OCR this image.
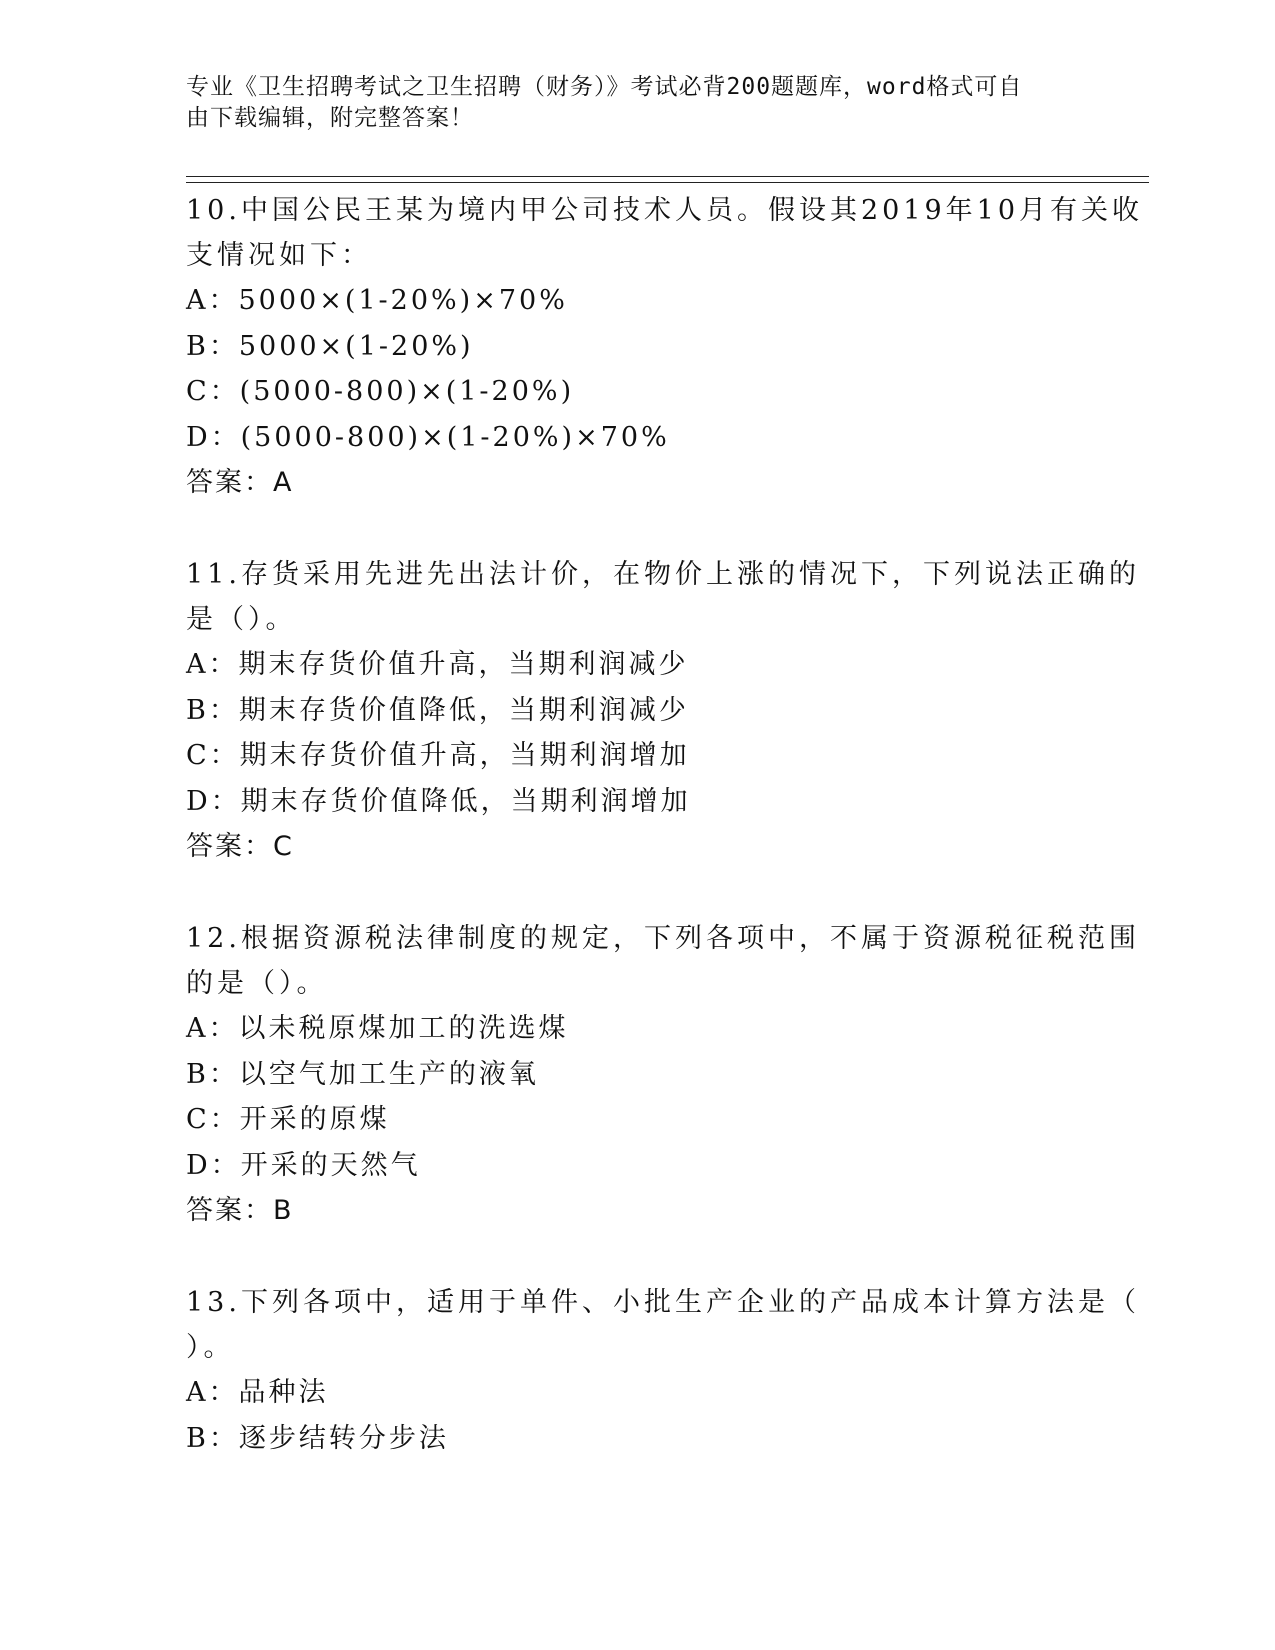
专业《卫生招聘考试之卫生招聘（财务）》考试必背200题题库，word格式可自
由下载编辑，附完整答案！
10.中国公民王某为境内甲公司技术人员。假设其2019年10月有关收
支情况如下：
A：5000×(1-20%)×70%
B：5000×(1-20%)
C：(5000-800)×(1-20%)
D：(5000-800)×(1-20%)×70%
答案：A
11.存货采用先进先出法计价，在物价上涨的情况下，下列说法正确的
是（）。
A：期末存货价值升高，当期利润减少
B：期末存货价值降低，当期利润减少
C：期末存货价值升高，当期利润增加
D：期末存货价值降低，当期利润增加
答案：C
12.根据资源税法律制度的规定，下列各项中，不属于资源税征税范围
的是（）。
A：以未税原煤加工的洗选煤
B：以空气加工生产的液氧
C：开采的原煤
D：开采的天然气
答案：B
13.下列各项中，适用于单件、小批生产企业的产品成本计算方法是（
）。
A：品种法
B：逐步结转分步法
